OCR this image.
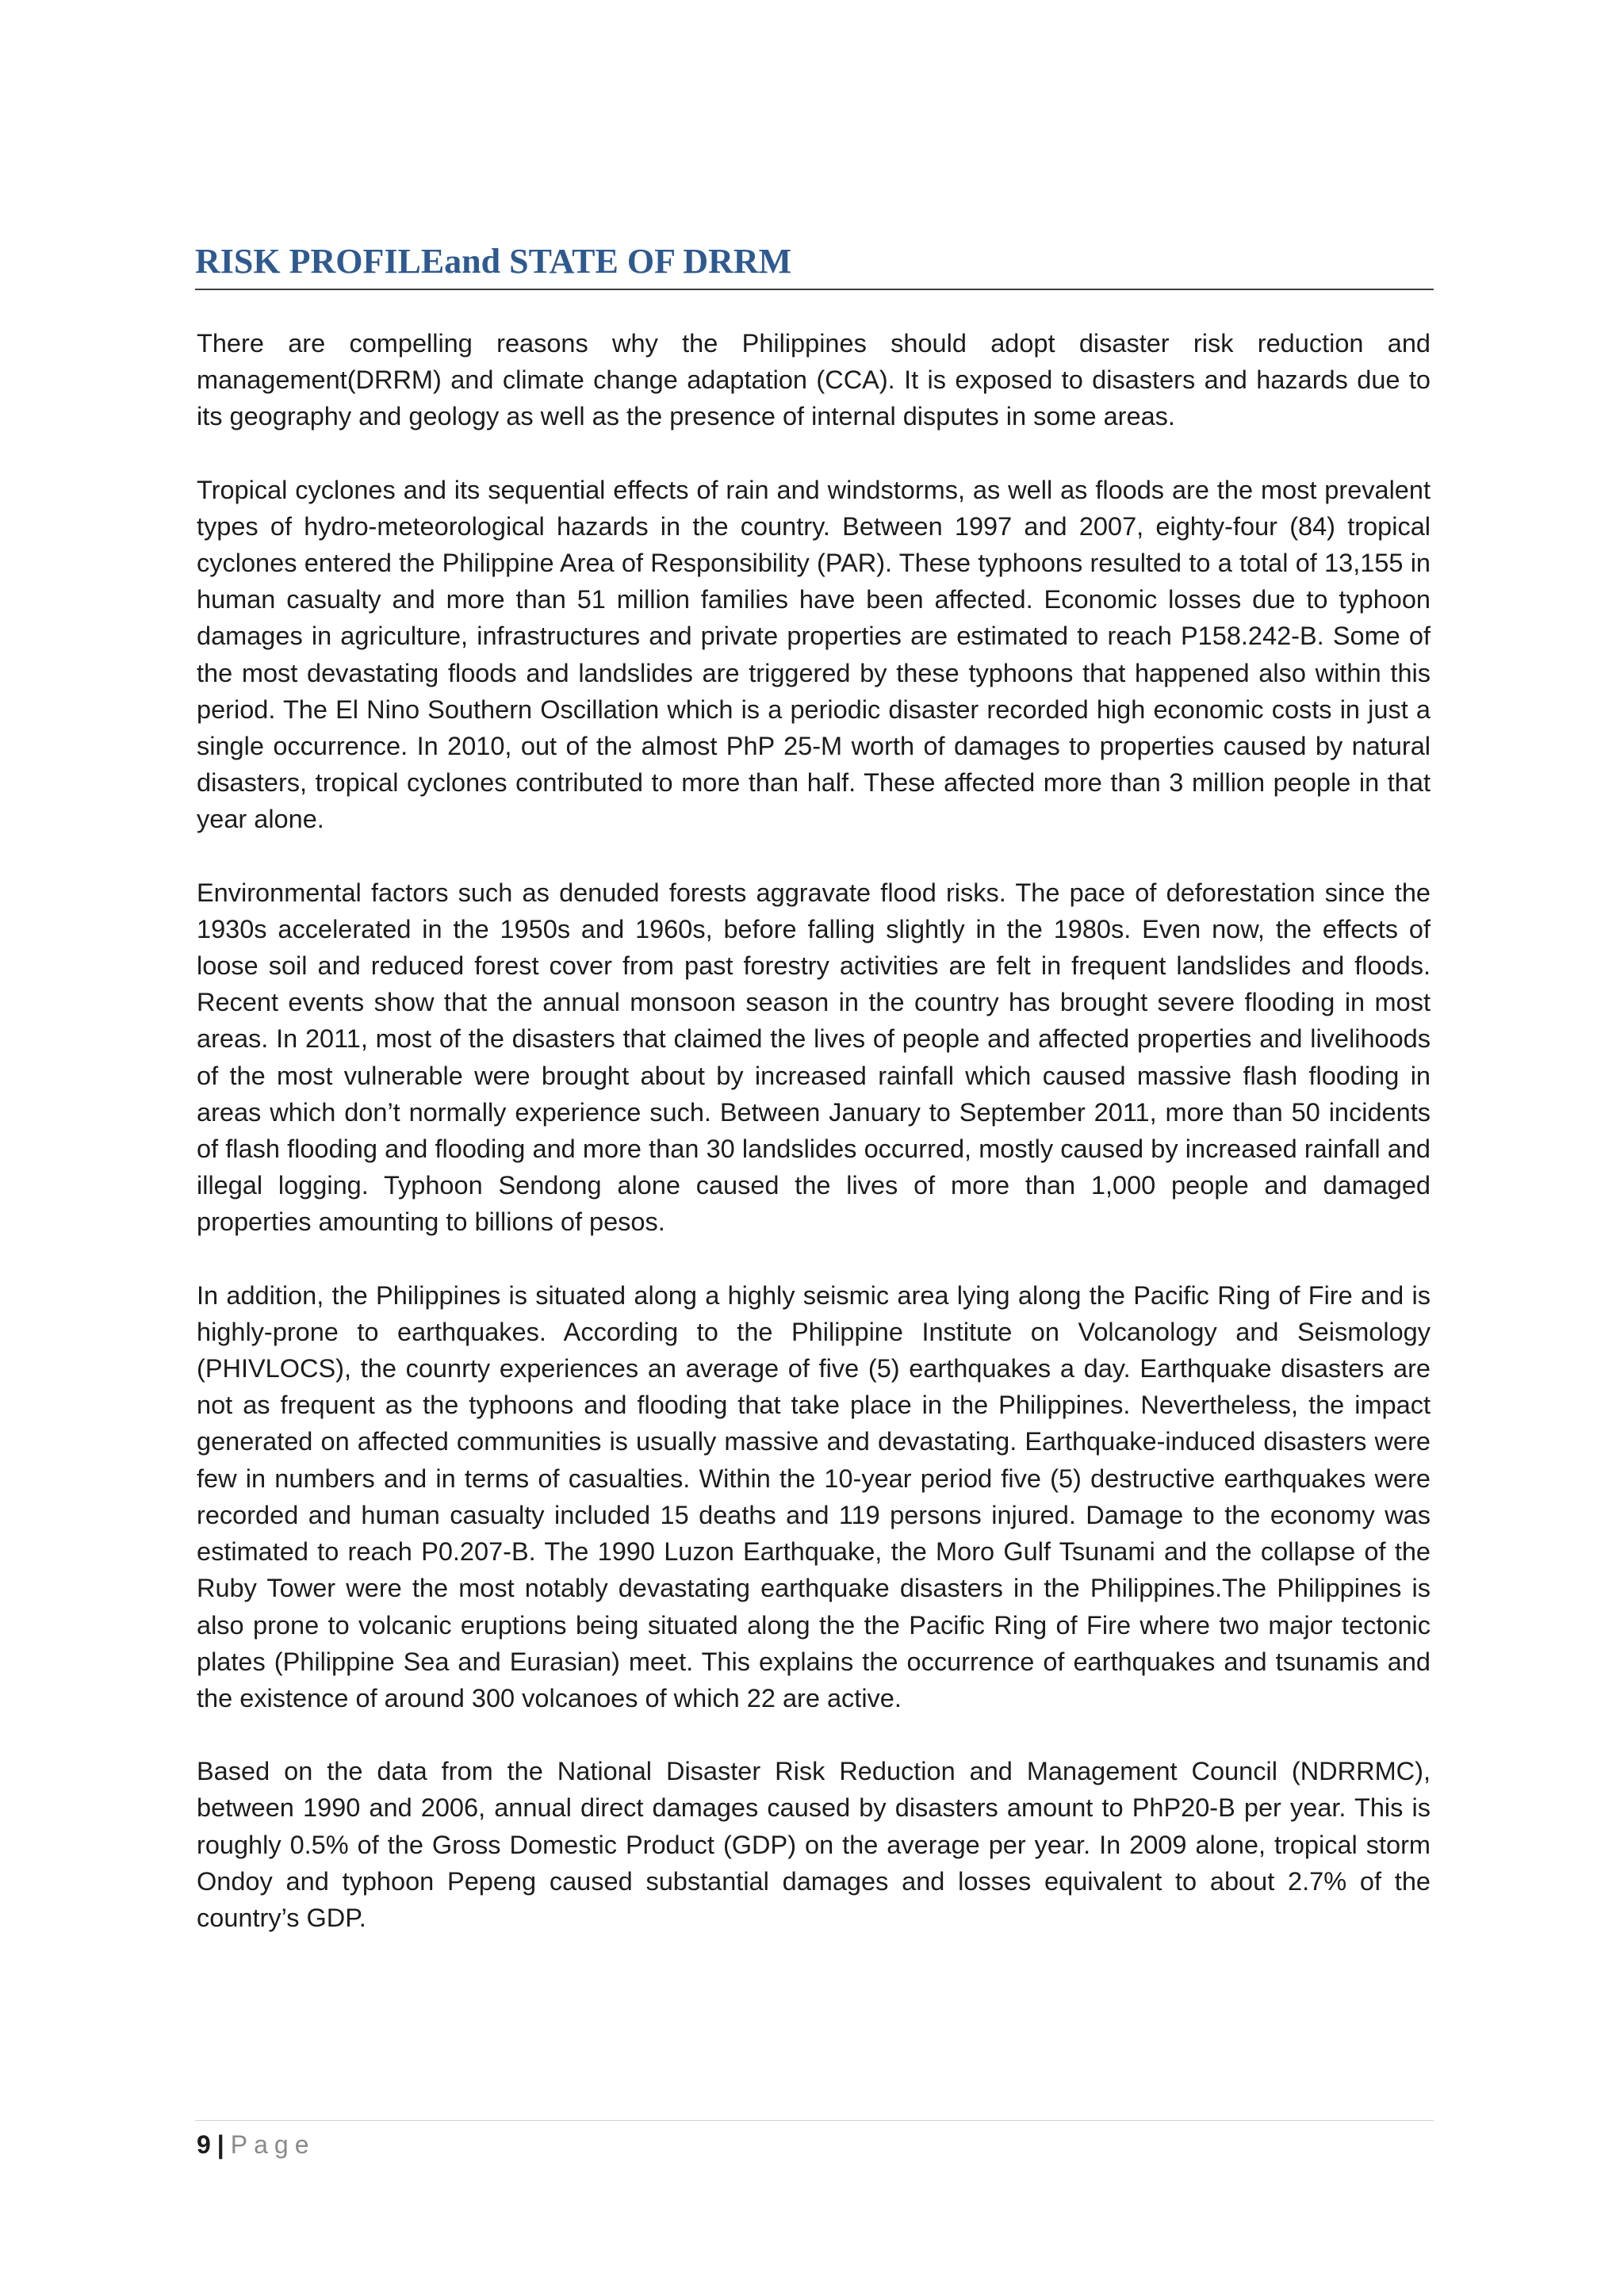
RISK PROFILEand STATE OF DRRM

There are compelling reasons why the Philippines should adopt disaster risk reduction and management(DRRM) and climate change adaptation (CCA). It is exposed to disasters and hazards due to its geography and geology as well as the presence of internal disputes in some areas.

Tropical cyclones and its sequential effects of rain and windstorms, as well as floods are the most prevalent types of hydro-meteorological hazards in the country. Between 1997 and 2007, eighty-four (84) tropical cyclones entered the Philippine Area of Responsibility (PAR). These typhoons resulted to a total of 13,155 in human casualty and more than 51 million families have been affected. Economic losses due to typhoon damages in agriculture, infrastructures and private properties are estimated to reach P158.242-B. Some of the most devastating floods and landslides are triggered by these typhoons that happened also within this period. The El Nino Southern Oscillation which is a periodic disaster recorded high economic costs in just a single occurrence. In 2010, out of the almost PhP 25-M worth of damages to properties caused by natural disasters, tropical cyclones contributed to more than half. These affected more than 3 million people in that year alone.

Environmental factors such as denuded forests aggravate flood risks. The pace of deforestation since the 1930s accelerated in the 1950s and 1960s, before falling slightly in the 1980s. Even now, the effects of loose soil and reduced forest cover from past forestry activities are felt in frequent landslides and floods. Recent events show that the annual monsoon season in the country has brought severe flooding in most areas. In 2011, most of the disasters that claimed the lives of people and affected properties and livelihoods of the most vulnerable were brought about by increased rainfall which caused massive flash flooding in areas which don’t normally experience such. Between January to September 2011, more than 50 incidents of flash flooding and flooding and more than 30 landslides occurred, mostly caused by increased rainfall and illegal logging. Typhoon Sendong alone caused the lives of more than 1,000 people and damaged properties amounting to billions of pesos.

In addition, the Philippines is situated along a highly seismic area lying along the Pacific Ring of Fire and is highly-prone to earthquakes. According to the Philippine Institute on Volcanology and Seismology (PHIVLOCS), the counrty experiences an average of five (5) earthquakes a day. Earthquake disasters are not as frequent as the typhoons and flooding that take place in the Philippines. Nevertheless, the impact generated on affected communities is usually massive and devastating. Earthquake-induced disasters were few in numbers and in terms of casualties. Within the 10-year period five (5) destructive earthquakes were recorded and human casualty included 15 deaths and 119 persons injured. Damage to the economy was estimated to reach P0.207-B. The 1990 Luzon Earthquake, the Moro Gulf Tsunami and the collapse of the Ruby Tower were the most notably devastating earthquake disasters in the Philippines.The Philippines is also prone to volcanic eruptions being situated along the the Pacific Ring of Fire where two major tectonic plates (Philippine Sea and Eurasian) meet. This explains the occurrence of earthquakes and tsunamis and the existence of around 300 volcanoes of which 22 are active.

Based on the data from the National Disaster Risk Reduction and Management Council (NDRRMC), between 1990 and 2006, annual direct damages caused by disasters amount to PhP20-B per year. This is roughly 0.5% of the Gross Domestic Product (GDP) on the average per year. In 2009 alone, tropical storm Ondoy and typhoon Pepeng caused substantial damages and losses equivalent to about 2.7% of the country’s GDP.

9 | Page
